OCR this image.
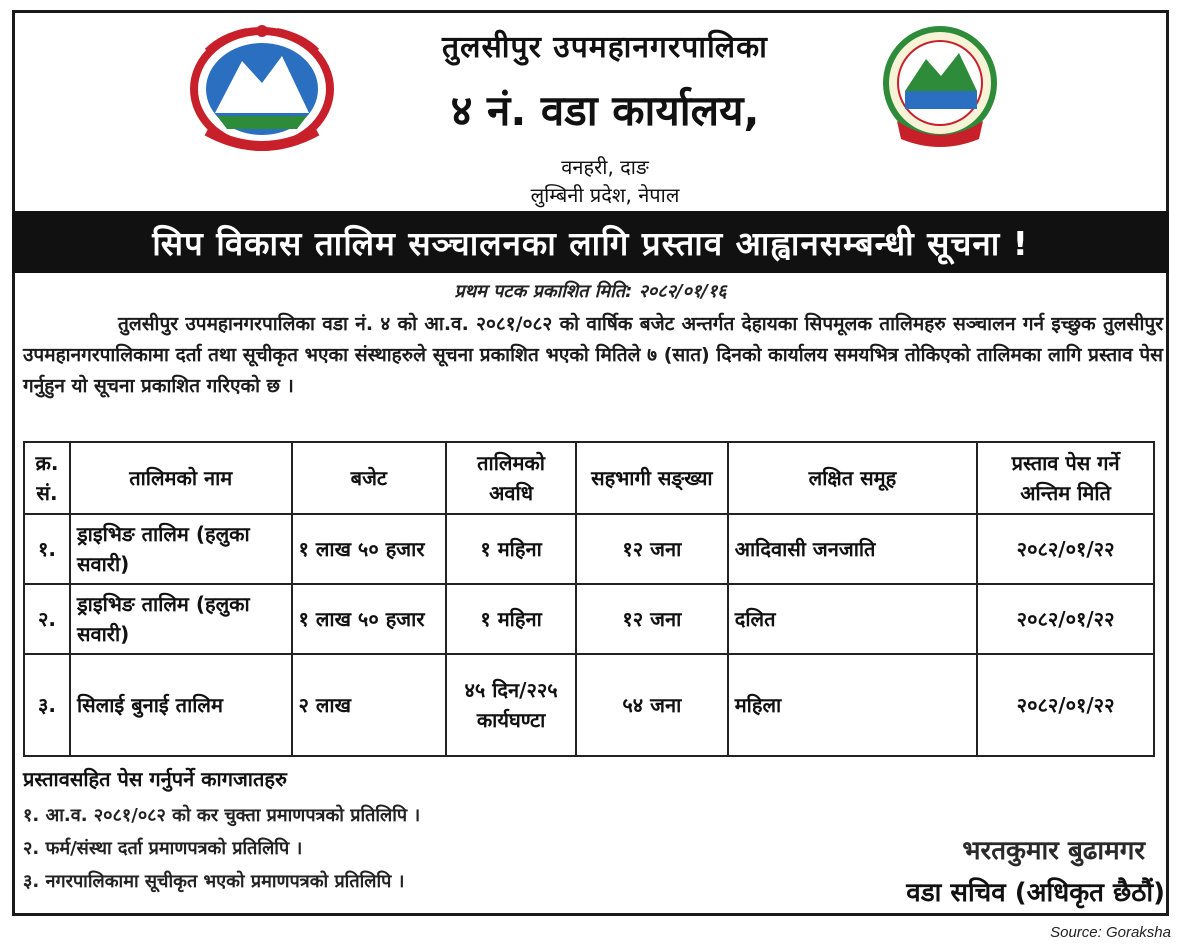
तुलसीपुर उपमहानगरपालिका
४ नं. वडा कार्यालय,
वनहरी, दाङ
लुम्बिनी प्रदेश, नेपाल
सिप विकास तालिम सञ्चालनका लागि प्रस्ताव आह्वानसम्बन्धी सूचना !
प्रथम पटक प्रकाशित मिति: २०८२/०१/१६

तुलसीपुर उपमहानगरपालिका वडा नं. ४ को आ.व. २०८१/०८२ को वार्षिक बजेट अन्तर्गत देहायका सिपमूलक तालिमहरु सञ्चालन गर्न इच्छुक तुलसीपुर उपमहानगरपालिकामा दर्ता तथा सूचीकृत भएका संस्थाहरुले सूचना प्रकाशित भएको मितिले ७ (सात) दिनको कार्यालय समयभित्र तोकिएको तालिमका लागि प्रस्ताव पेस गर्नुहुन यो सूचना प्रकाशित गरिएको छ ।

क्र. सं.	तालिमको नाम	बजेट	तालिमको अवधि	सहभागी सङ्ख्या	लक्षित समूह	प्रस्ताव पेस गर्ने अन्तिम मिति
१.	ड्राइभिङ तालिम (हलुका सवारी)	१ लाख ५० हजार	१ महिना	१२ जना	आदिवासी जनजाति	२०८२/०१/२२
२.	ड्राइभिङ तालिम (हलुका सवारी)	१ लाख ५० हजार	१ महिना	१२ जना	दलित	२०८२/०१/२२
३.	सिलाई बुनाई तालिम	२ लाख	४५ दिन/२२५ कार्यघण्टा	५४ जना	महिला	२०८२/०१/२२
प्रस्तावसहित पेस गर्नुपर्ने कागजातहरु
१. आ.व. २०८१/०८२ को कर चुक्ता प्रमाणपत्रको प्रतिलिपि ।
२. फर्म/संस्था दर्ता प्रमाणपत्रको प्रतिलिपि ।
३. नगरपालिकामा सूचीकृत भएको प्रमाणपत्रको प्रतिलिपि ।
भरतकुमार बुढामगर
वडा सचिव (अधिकृत छैठौं)
Source: Goraksha
